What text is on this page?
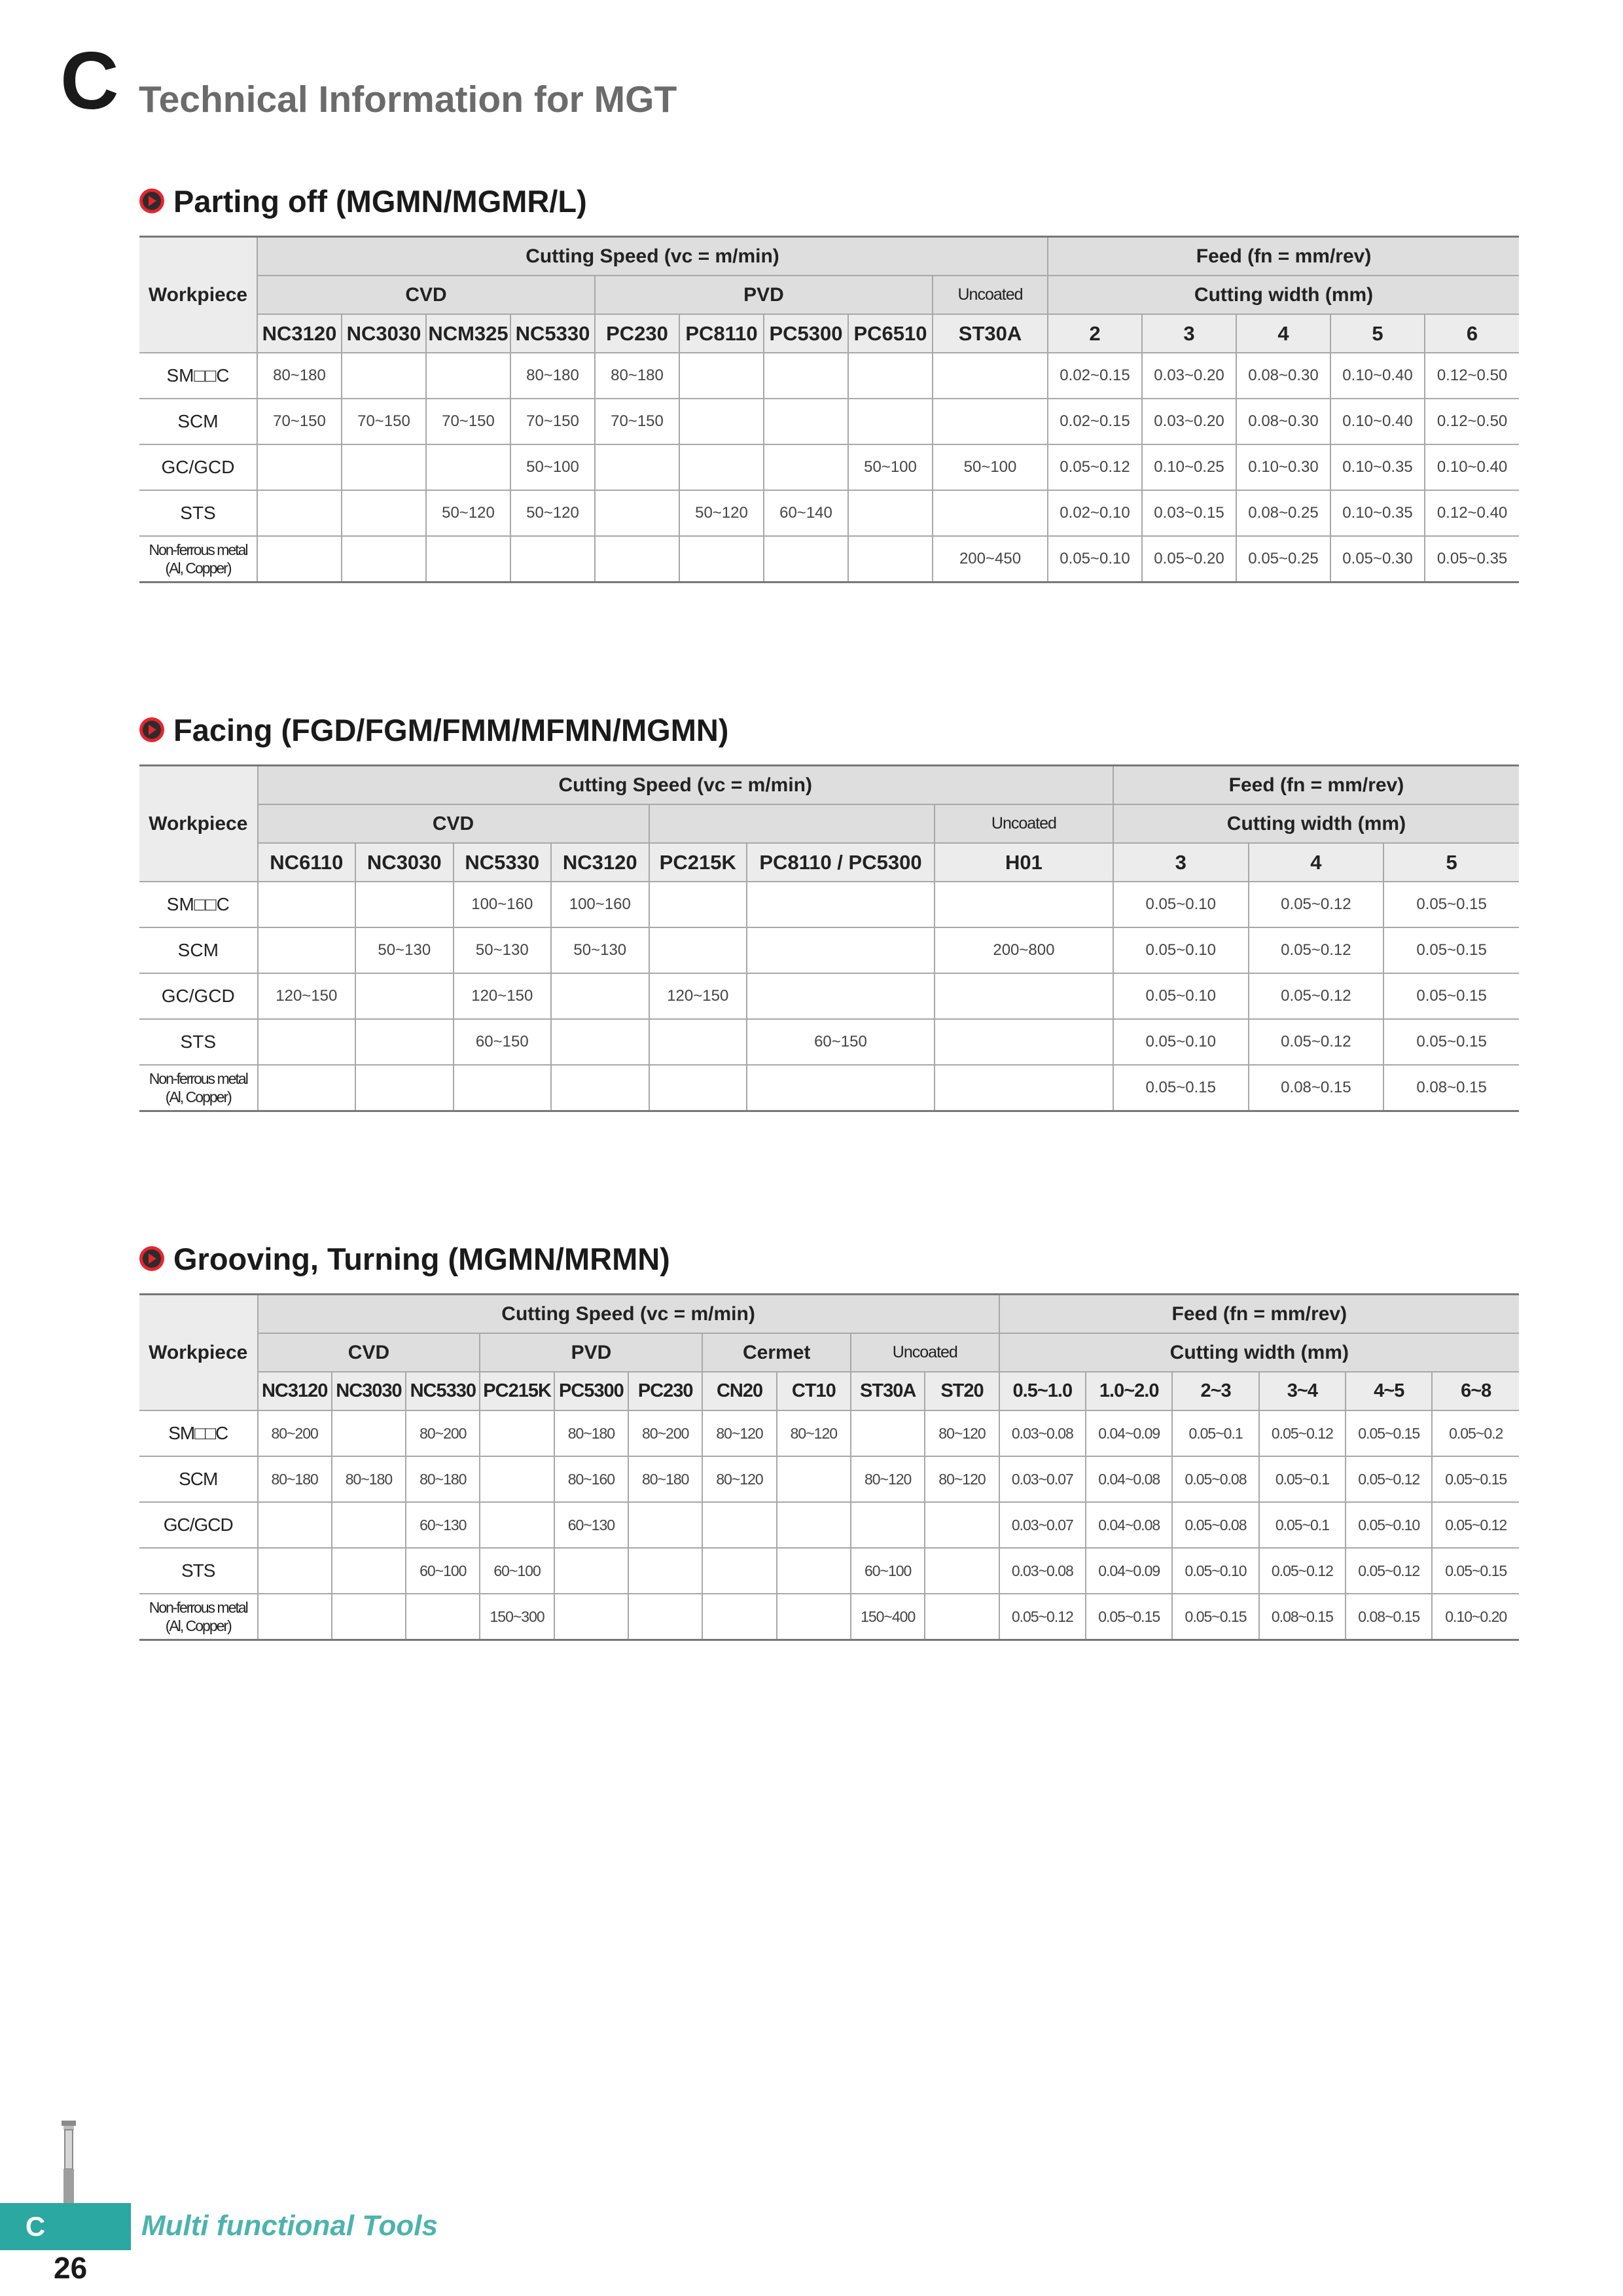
C Technical Information for MGT
Parting off (MGMN/MGMR/L)
Workpiece	Cutting Speed (vc = m/min)									Feed (fn = mm/rev)				
	CVD				PVD				Uncoated	Cutting width (mm)				
	NC3120	NC3030	NCM325	NC5330	PC230	PC8110	PC5300	PC6510	ST30A	2	3	4	5	6
SM□□C	80~180			80~180	80~180					0.02~0.15	0.03~0.20	0.08~0.30	0.10~0.40	0.12~0.50
SCM	70~150	70~150	70~150	70~150	70~150					0.02~0.15	0.03~0.20	0.08~0.30	0.10~0.40	0.12~0.50
GC/GCD				50~100				50~100	50~100	0.05~0.12	0.10~0.25	0.10~0.30	0.10~0.35	0.10~0.40
STS			50~120	50~120		50~120	60~140			0.02~0.10	0.03~0.15	0.08~0.25	0.10~0.35	0.12~0.40
Non-ferrous metal (Al, Copper)									200~450	0.05~0.10	0.05~0.20	0.05~0.25	0.05~0.30	0.05~0.35
Facing (FGD/FGM/FMM/MFMN/MGMN)
Workpiece	Cutting Speed (vc = m/min)							Feed (fn = mm/rev)		
	CVD						Uncoated	Cutting width (mm)		
	NC6110	NC3030	NC5330	NC3120	PC215K	PC8110 / PC5300	H01	3	4	5
SM□□C			100~160	100~160				0.05~0.10	0.05~0.12	0.05~0.15
SCM		50~130	50~130	50~130			200~800	0.05~0.10	0.05~0.12	0.05~0.15
GC/GCD	120~150		120~150		120~150			0.05~0.10	0.05~0.12	0.05~0.15
STS			60~150			60~150		0.05~0.10	0.05~0.12	0.05~0.15
Non-ferrous metal (Al, Copper)								0.05~0.15	0.08~0.15	0.08~0.15
Grooving, Turning (MGMN/MRMN)
Workpiece	Cutting Speed (vc = m/min)										Feed (fn = mm/rev)					
	CVD			PVD			Cermet		Uncoated		Cutting width (mm)					
	NC3120	NC3030	NC5330	PC215K	PC5300	PC230	CN20	CT10	ST30A	ST20	0.5~1.0	1.0~2.0	2~3	3~4	4~5	6~8
SM□□C	80~200		80~200		80~180	80~200	80~120	80~120		80~120	0.03~0.08	0.04~0.09	0.05~0.1	0.05~0.12	0.05~0.15	0.05~0.2
SCM	80~180	80~180	80~180		80~160	80~180	80~120		80~120	80~120	0.03~0.07	0.04~0.08	0.05~0.08	0.05~0.1	0.05~0.12	0.05~0.15
GC/GCD			60~130		60~130						0.03~0.07	0.04~0.08	0.05~0.08	0.05~0.1	0.05~0.10	0.05~0.12
STS			60~100	60~100					60~100		0.03~0.08	0.04~0.09	0.05~0.10	0.05~0.12	0.05~0.12	0.05~0.15
Non-ferrous metal (Al, Copper)				150~300					150~400		0.05~0.12	0.05~0.15	0.05~0.15	0.08~0.15	0.08~0.15	0.10~0.20
C	Multi functional Tools
26
